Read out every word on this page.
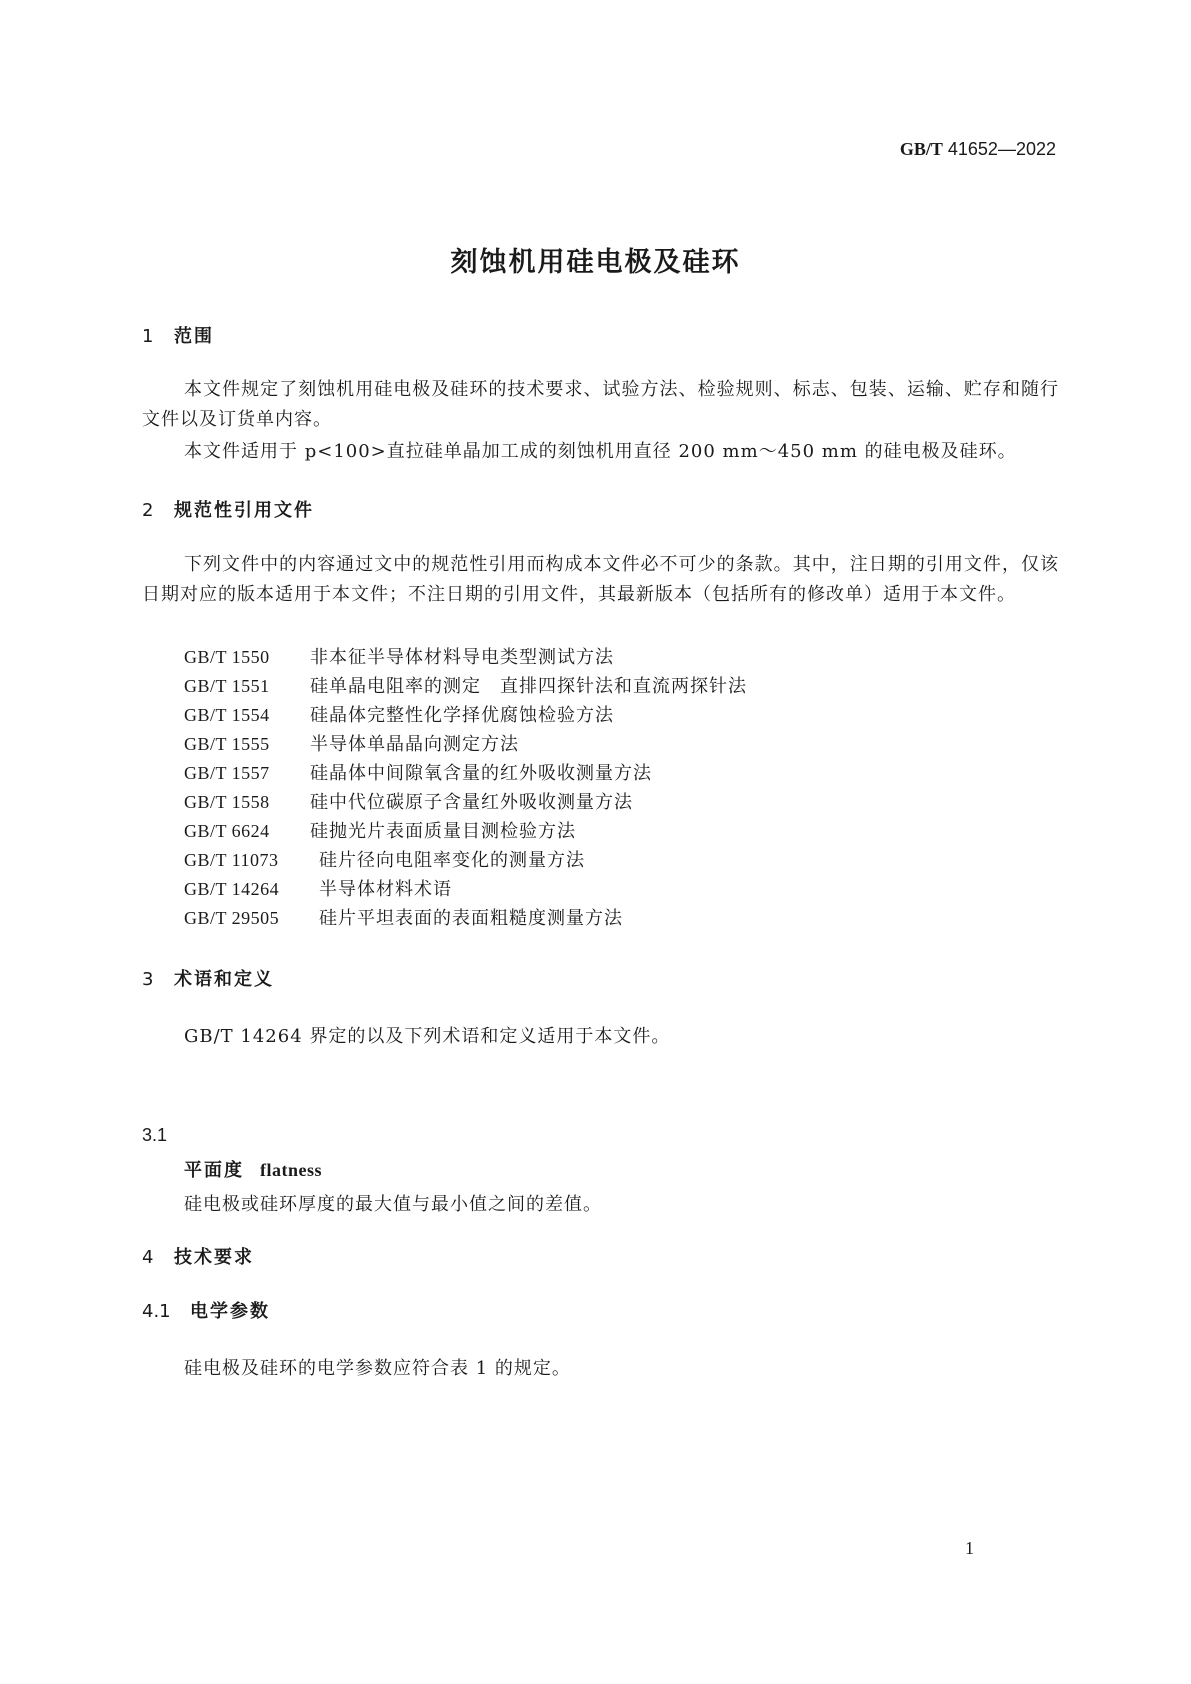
GB/T 41652—2022
刻蚀机用硅电极及硅环
1 范围
本文件规定了刻蚀机用硅电极及硅环的技术要求、试验方法、检验规则、标志、包装、运输、贮存和随行文件以及订货单内容。
本文件适用于 p<100>直拉硅单晶加工成的刻蚀机用直径 200 mm～450 mm 的硅电极及硅环。
2 规范性引用文件
下列文件中的内容通过文中的规范性引用而构成本文件必不可少的条款。其中，注日期的引用文件，仅该日期对应的版本适用于本文件；不注日期的引用文件，其最新版本（包括所有的修改单）适用于本文件。
GB/T 1550 非本征半导体材料导电类型测试方法
GB/T 1551 硅单晶电阻率的测定　直排四探针法和直流两探针法
GB/T 1554 硅晶体完整性化学择优腐蚀检验方法
GB/T 1555 半导体单晶晶向测定方法
GB/T 1557 硅晶体中间隙氧含量的红外吸收测量方法
GB/T 1558 硅中代位碳原子含量红外吸收测量方法
GB/T 6624 硅抛光片表面质量目测检验方法
GB/T 11073 硅片径向电阻率变化的测量方法
GB/T 14264 半导体材料术语
GB/T 29505 硅片平坦表面的表面粗糙度测量方法
3 术语和定义
GB/T 14264 界定的以及下列术语和定义适用于本文件。
3.1
平面度 flatness
硅电极或硅环厚度的最大值与最小值之间的差值。
4 技术要求
4.1 电学参数
硅电极及硅环的电学参数应符合表 1 的规定。
1
